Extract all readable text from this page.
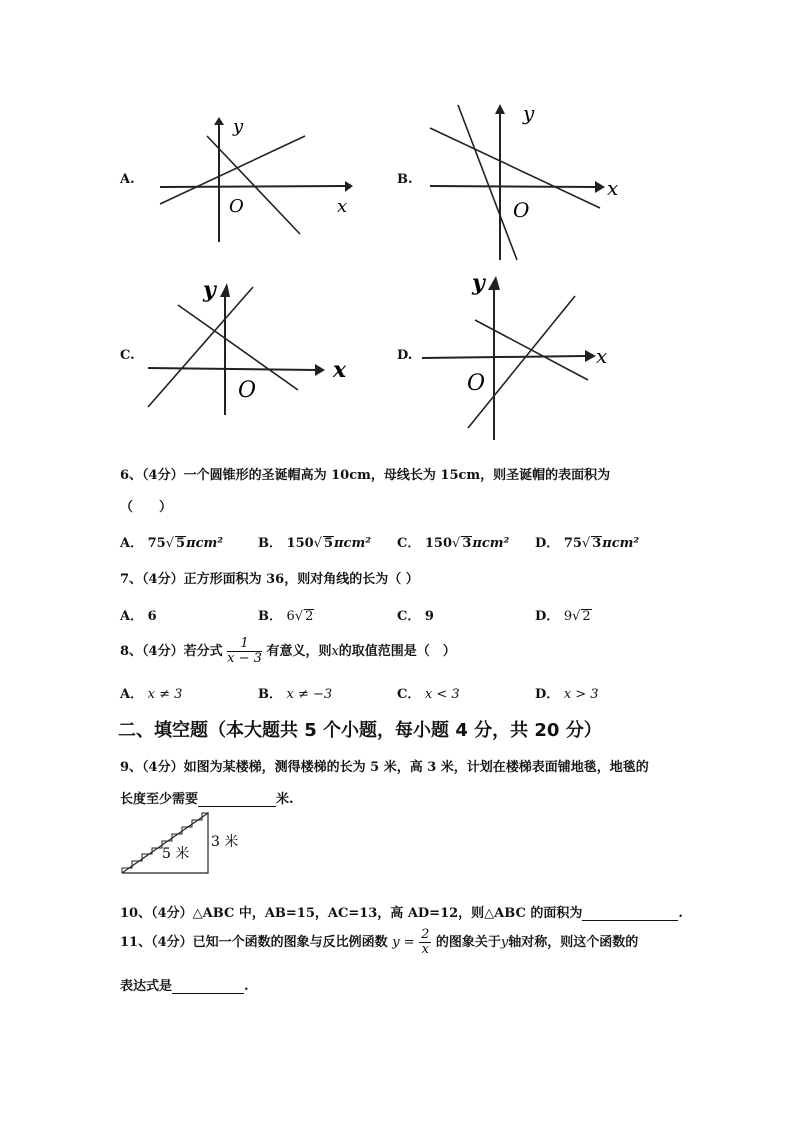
A.
y
O	x
B.
y
O
x
C.
y
O
x
D.
y
O
x
6、（4分）一个圆锥形的圣诞帽高为 10cm，母线长为 15cm，则圣诞帽的表面积为
（　　）
A． 75√ 5πcm²	B． 150√ 5πcm² C． 150√ 3πcm² D． 75√ 3πcm²
7、（4分）正方形面积为 36，则对角线的长为（ ）
A． 6	B． 6√ 2	C． 9	D． 9√ 2
8、（4分）若分式 $\frac{1}{x - 3}$ 有意义，则x的取值范围是（　）
A． x ≠ 3	B． x ≠ −3	C． x < 3	D． x > 3
二、填空题（本大题共 5 个小题，每小题 4 分，共 20 分）
9、（4分）如图为某楼梯，测得楼梯的长为 5 米，高 3 米，计划在楼梯表面铺地毯，地毯的
长度至少需要	米.
5 米
3 米
10、（4分）△ABC 中，AB=15，AC=13，高 AD=12，则△ABC 的面积为	.
11、（4分）已知一个函数的图象与反比例函数 $y = \frac{2}{x}$ 的图象关于y轴对称，则这个函数的
表达式是	.
